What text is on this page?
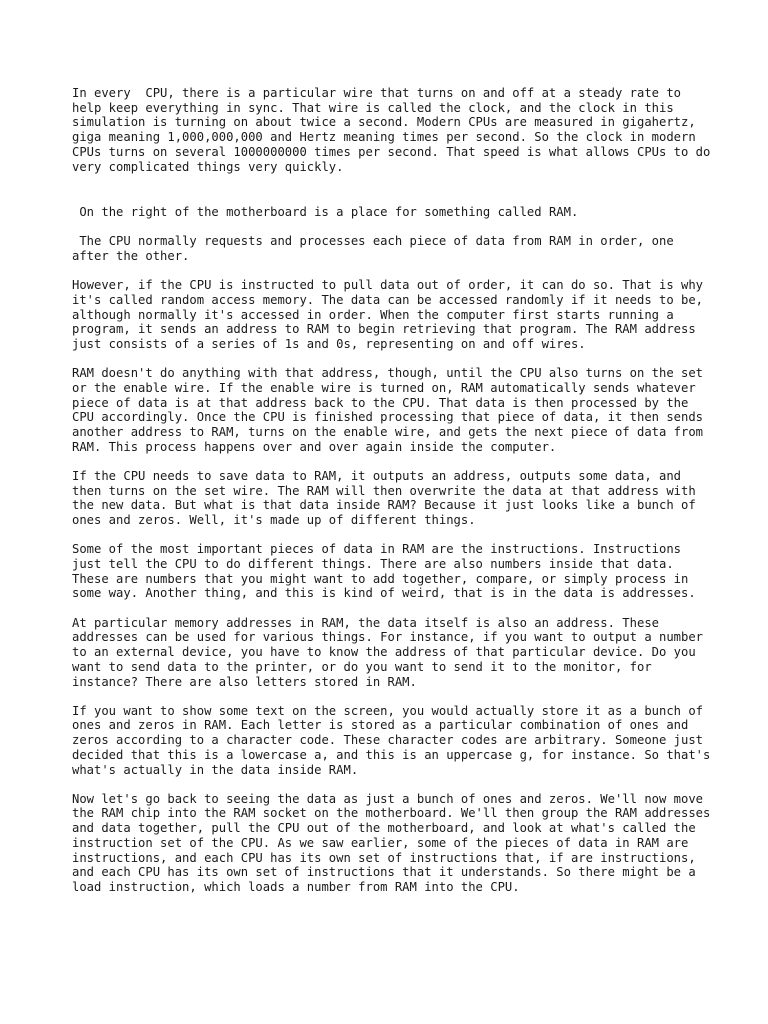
In every  CPU, there is a particular wire that turns on and off at a steady rate to help keep everything in sync. That wire is called the clock, and the clock in this simulation is turning on about twice a second. Modern CPUs are measured in gigahertz, giga meaning 1,000,000,000 and Hertz meaning times per second. So the clock in modern CPUs turns on several 1000000000 times per second. That speed is what allows CPUs to do very complicated things very quickly.

On the right of the motherboard is a place for something called RAM.

The CPU normally requests and processes each piece of data from RAM in order, one after the other.

However, if the CPU is instructed to pull data out of order, it can do so. That is why it's called random access memory. The data can be accessed randomly if it needs to be, although normally it's accessed in order. When the computer first starts running a program, it sends an address to RAM to begin retrieving that program. The RAM address just consists of a series of 1s and 0s, representing on and off wires.

RAM doesn't do anything with that address, though, until the CPU also turns on the set or the enable wire. If the enable wire is turned on, RAM automatically sends whatever piece of data is at that address back to the CPU. That data is then processed by the CPU accordingly. Once the CPU is finished processing that piece of data, it then sends another address to RAM, turns on the enable wire, and gets the next piece of data from RAM. This process happens over and over again inside the computer.

If the CPU needs to save data to RAM, it outputs an address, outputs some data, and then turns on the set wire. The RAM will then overwrite the data at that address with the new data. But what is that data inside RAM? Because it just looks like a bunch of ones and zeros. Well, it's made up of different things.

Some of the most important pieces of data in RAM are the instructions. Instructions just tell the CPU to do different things. There are also numbers inside that data. These are numbers that you might want to add together, compare, or simply process in some way. Another thing, and this is kind of weird, that is in the data is addresses.

At particular memory addresses in RAM, the data itself is also an address. These addresses can be used for various things. For instance, if you want to output a number to an external device, you have to know the address of that particular device. Do you want to send data to the printer, or do you want to send it to the monitor, for instance? There are also letters stored in RAM.

If you want to show some text on the screen, you would actually store it as a bunch of ones and zeros in RAM. Each letter is stored as a particular combination of ones and zeros according to a character code. These character codes are arbitrary. Someone just decided that this is a lowercase a, and this is an uppercase g, for instance. So that's what's actually in the data inside RAM.

Now let's go back to seeing the data as just a bunch of ones and zeros. We'll now move the RAM chip into the RAM socket on the motherboard. We'll then group the RAM addresses and data together, pull the CPU out of the motherboard, and look at what's called the instruction set of the CPU. As we saw earlier, some of the pieces of data in RAM are instructions, and each CPU has its own set of instructions that, if are instructions, and each CPU has its own set of instructions that it understands. So there might be a load instruction, which loads a number from RAM into the CPU.
